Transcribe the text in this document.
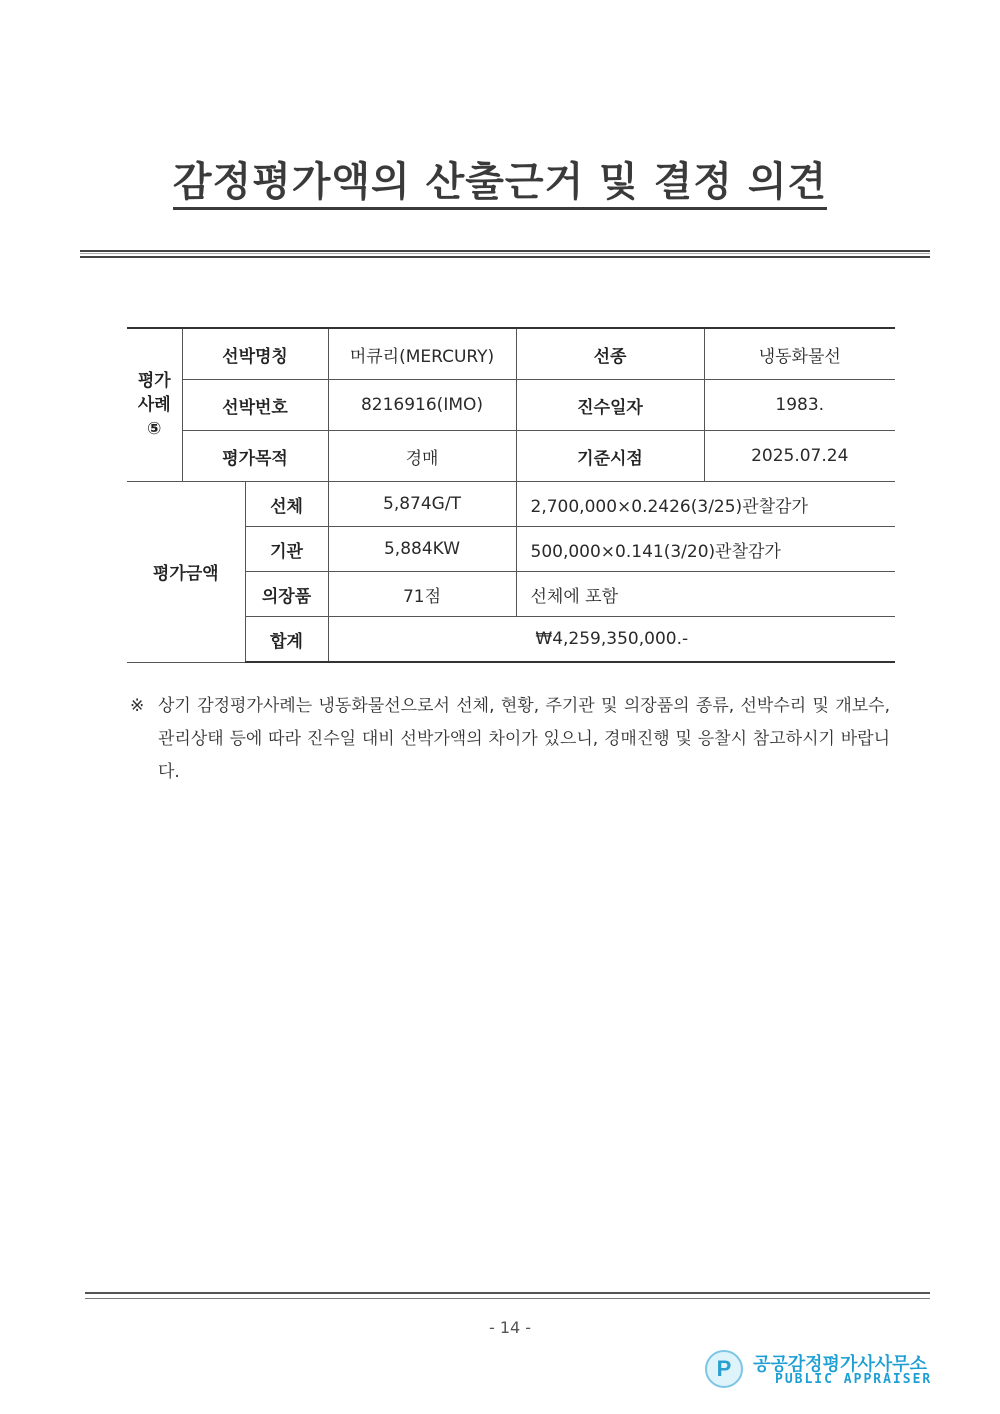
감정평가액의 산출근거 및 결정 의견
평가
사례
⑤	선박명칭	머큐리(MERCURY)	선종	냉동화물선
	선박번호	8216916(IMO)	진수일자	1983.
	평가목적	경매	기준시점	2025.07.24
평가금액	선체	5,874G/T	2,700,000×0.2426(3/25)관찰감가
	기관	5,884KW	500,000×0.141(3/20)관찰감가
	의장품	71점	선체에 포함
	합계	₩4,259,350,000.-	
※ 상기 감정평가사례는 냉동화물선으로서 선체, 현황, 주기관 및 의장품의 종류, 선박수리 및 개보수, 관리상태 등에 따라 진수일 대비 선박가액의 차이가 있으니, 경매진행 및 응찰시 참고하시기 바랍니다.
- 14 -
P	공공감정평가사사무소
PUBLIC APPRAISER
